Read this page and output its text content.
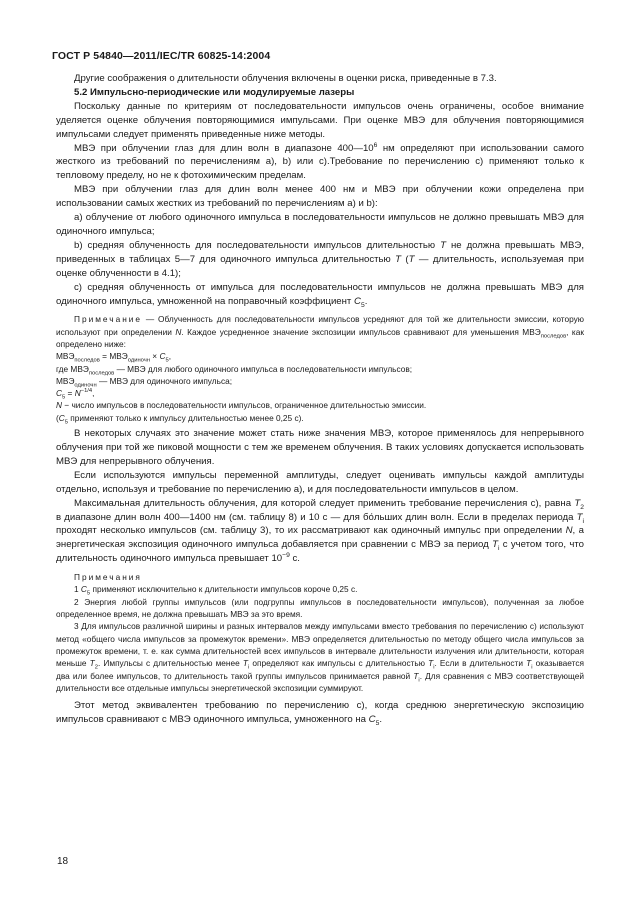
ГОСТ Р 54840—2011/IEC/TR 60825-14:2004

Другие соображения о длительности облучения включены в оценки риска, приведенные в 7.3.

5.2 Импульсно-периодические или модулируемые лазеры

Поскольку данные по критериям от последовательности импульсов очень ограничены, особое внимание уделяется оценке облучения повторяющимися импульсами. При оценке МВЭ для облучения повторяющимися импульсами следует применять приведенные ниже методы.

МВЭ при облучении глаз для длин волн в диапазоне $400—10^6$ нм определяют при использовании самого жесткого из требований по перечислениям a), b) или c).Требование по перечислению c) применяют только к тепловому пределу, но не к фотохимическим пределам.

МВЭ при облучении глаз для длин волн менее 400 нм и МВЭ при облучении кожи определена при использовании самых жестких из требований по перечислениям a) и b):

a) облучение от любого одиночного импульса в последовательности импульсов не должно превышать МВЭ для одиночного импульса;

b) средняя облученность для последовательности импульсов длительностью T не должна превышать МВЭ, приведенных в таблицах 5—7 для одиночного импульса длительностью T (T — длительность, используемая при оценке облученности в 4.1);

c) средняя облученность от импульса для последовательности импульсов не должна превышать МВЭ для одиночного импульса, умноженной на поправочный коэффициент $C_5$.

Примечание — Облученность для последовательности импульсов усредняют для той же длительности эмиссии, которую используют при определении N. Каждое усредненное значение экспозиции импульсов сравнивают для уменьшения $МВЭ_{последов}$, как определено ниже:

$МВЭ_{последов} = МВЭ_{одиночн} \times C_5$,

где $МВЭ_{последов}$ — МВЭ для любого одиночного импульса в последовательности импульсов;

$МВЭ_{одиночн}$ — МВЭ для одиночного импульса;

$C_5 = N^{-1/4}$,

N − число импульсов в последовательности импульсов, ограниченное длительностью эмиссии.

($C_5$ применяют только к импульсу длительностью менее 0,25 с).

В некоторых случаях это значение может стать ниже значения МВЭ, которое применялось для непрерывного облучения при той же пиковой мощности с тем же временем облучения. В таких условиях допускается использовать МВЭ для непрерывного облучения.

Если используются импульсы переменной амплитуды, следует оценивать импульсы каждой амплитуды отдельно, используя и требование по перечислению a), и для последовательности импульсов в целом.

Максимальная длительность облучения, для которой следует применить требование перечисления c), равна $T_2$ в диапазоне длин волн 400—1400 нм (см. таблицу 8) и 10 с — для бо́льших длин волн. Если в пределах периода $T_i$ проходят несколько импульсов (см. таблицу 3), то их рассматривают как одиночный импульс при определении N, а энергетическая экспозиция одиночного импульса добавляется при сравнении с МВЭ за период $T_i$ с учетом того, что длительность одиночного импульса превышает $10^{-9}$ с.

Примечания

1 $C_5$ применяют исключительно к длительности импульсов короче 0,25 с.

2 Энергия любой группы импульсов (или подгруппы импульсов в последовательности импульсов), полученная за любое определенное время, не должна превышать МВЭ за это время.

3 Для импульсов различной ширины и разных интервалов между импульсами вместо требования по перечислению c) используют метод «общего числа импульсов за промежуток времени». МВЭ определяется длительностью по методу общего числа импульсов за промежуток времени, т. е. как сумма длительностей всех импульсов в интервале длительности излучения или длительности, которая меньше $T_2$. Импульсы с длительностью менее $T_i$ определяют как импульсы с длительностью $T_i$. Если в длительности $T_i$ оказывается два или более импульсов, то длительность такой группы импульсов принимается равной $T_i$. Для сравнения с МВЭ соответствующей длительности все отдельные импульсы энергетической экспозиции суммируют.

Этот метод эквивалентен требованию по перечислению c), когда среднюю энергетическую экспозицию импульсов сравнивают с МВЭ одиночного импульса, умноженного на $C_5$.

18
